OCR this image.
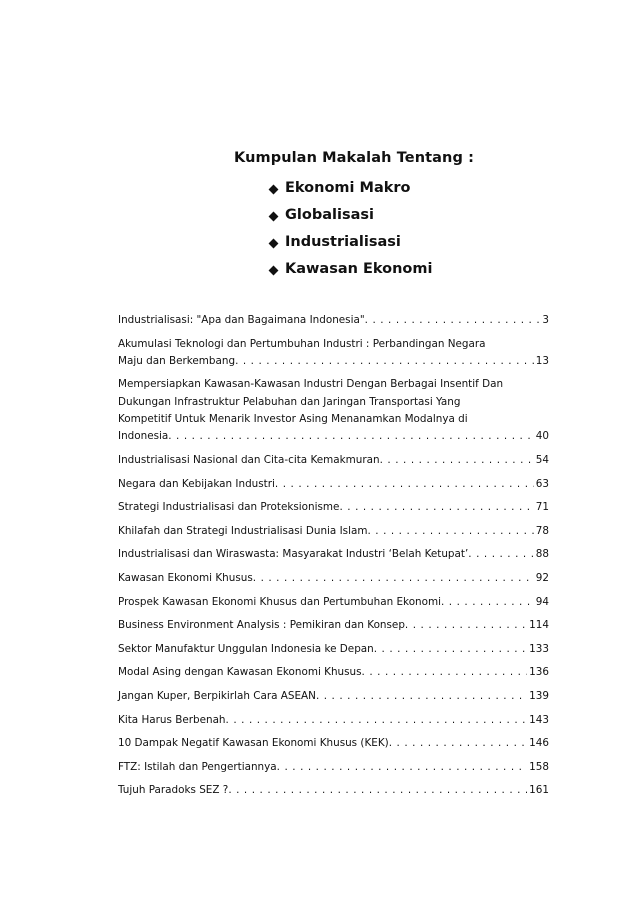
Kumpulan Makalah Tentang :
Ekonomi Makro
Globalisasi
Industrialisasi
Kawasan Ekonomi
Industrialisasi: "Apa dan Bagaimana Indonesia" . . .	3
Akumulasi Teknologi dan Pertumbuhan Industri : Perbandingan Negara
Maju dan Berkembang . . .	13
Mempersiapkan Kawasan-Kawasan Industri Dengan Berbagai Insentif Dan
Dukungan Infrastruktur Pelabuhan dan Jaringan Transportasi Yang
Kompetitif Untuk Menarik Investor Asing Menanamkan Modalnya di
Indonesia . . .	40
Industrialisasi Nasional dan Cita-cita Kemakmuran . . .	54
Negara dan Kebijakan Industri . . .	63
Strategi Industrialisasi dan Proteksionisme . . .	71
Khilafah dan Strategi Industrialisasi Dunia Islam . . .	78
Industrialisasi dan Wiraswasta: Masyarakat Industri ‘Belah Ketupat’ . . .	88
Kawasan Ekonomi Khusus . . .	92
Prospek Kawasan Ekonomi Khusus dan Pertumbuhan Ekonomi . . .	94
Business Environment Analysis : Pemikiran dan Konsep . . .	114
Sektor Manufaktur Unggulan Indonesia ke Depan . . .	133
Modal Asing dengan Kawasan Ekonomi Khusus . . .	136
Jangan Kuper, Berpikirlah Cara ASEAN . . .	139
Kita Harus Berbenah . . .	143
10 Dampak Negatif Kawasan Ekonomi Khusus (KEK) . . .	146
FTZ: Istilah dan Pengertiannya . . .	158
Tujuh Paradoks SEZ ? . . .	161
